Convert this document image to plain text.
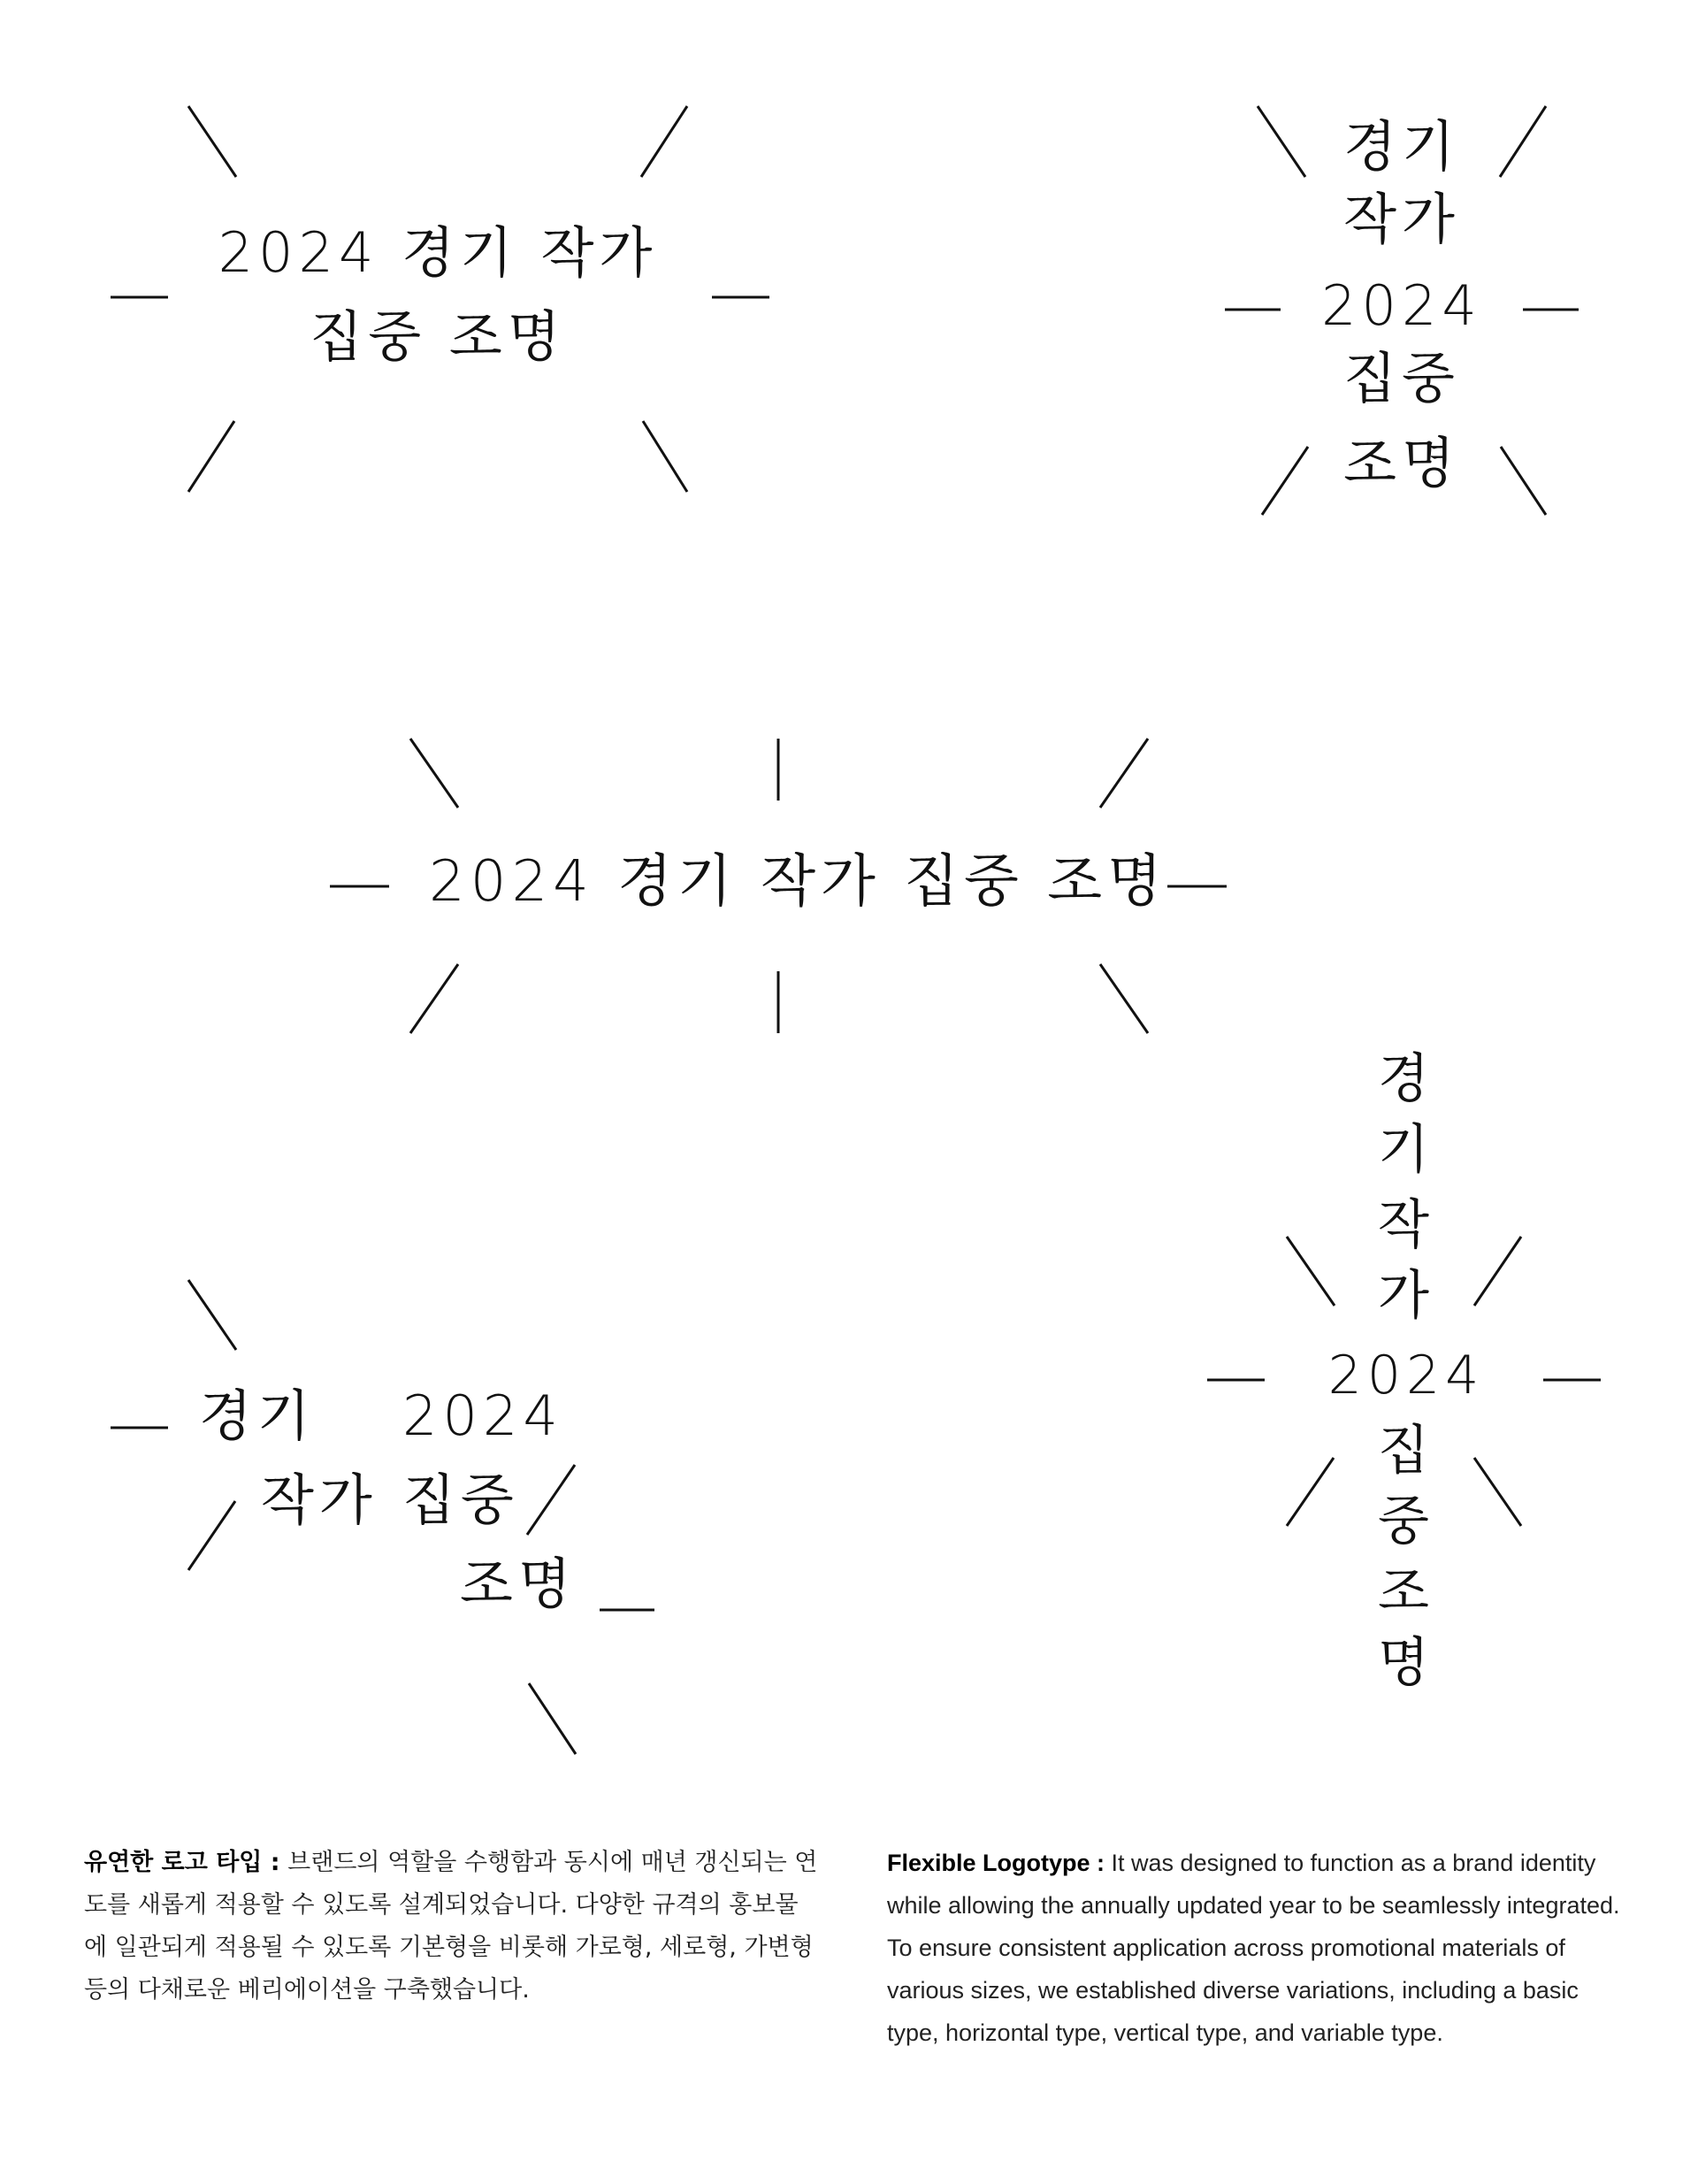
2024 경기 작가
집중 조명
경기
작가
2024
집중
조명
2024 경기 작가 집중 조명
경기 2024
작가 집중
조명
경
기
작
가
2024
집
중
조
명

유연한 로고 타입 : 브랜드의 역할을 수행함과 동시에 매년 갱신되는 연도를 새롭게 적용할 수 있도록 설계되었습니다. 다양한 규격의 홍보물에 일관되게 적용될 수 있도록 기본형을 비롯해 가로형, 세로형, 가변형 등의 다채로운 베리에이션을 구축했습니다.

Flexible Logotype : It was designed to function as a brand identity while allowing the annually updated year to be seamlessly integrated. To ensure consistent application across promotional materials of various sizes, we established diverse variations, including a basic type, horizontal type, vertical type, and variable type.
